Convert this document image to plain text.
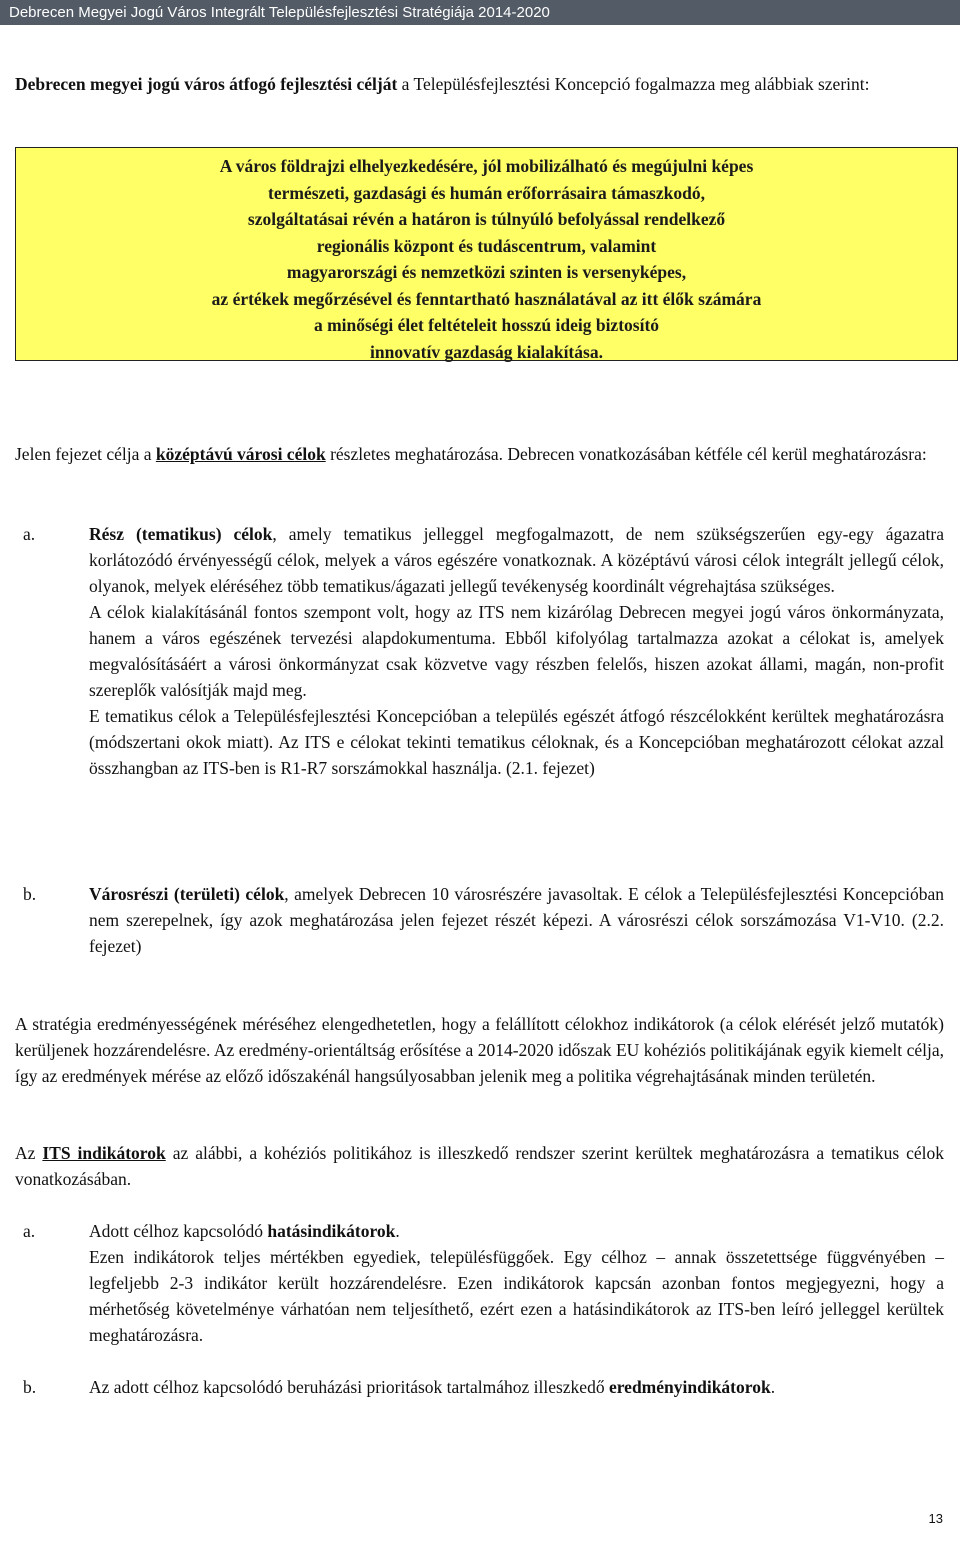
Debrecen Megyei Jogú Város Integrált Településfejlesztési Stratégiája 2014-2020

Debrecen megyei jogú város átfogó fejlesztési célját a Településfejlesztési Koncepció fogalmazza meg alábbiak szerint:

A város földrajzi elhelyezkedésére, jól mobilizálható és megújulni képes
természeti, gazdasági és humán erőforrásaira támaszkodó,
szolgáltatásai révén a határon is túlnyúló befolyással rendelkező
regionális központ és tudáscentrum, valamint
magyarországi és nemzetközi szinten is versenyképes,
az értékek megőrzésével és fenntartható használatával az itt élők számára
a minőségi élet feltételeit hosszú ideig biztosító
innovatív gazdaság kialakítása.

Jelen fejezet célja a középtávú városi célok részletes meghatározása. Debrecen vonatkozásában kétféle cél kerül meghatározásra:

a.	Rész (tematikus) célok, amely tematikus jelleggel megfogalmazott, de nem szükségszerűen egy-egy ágazatra korlátozódó érvényességű célok, melyek a város egészére vonatkoznak. A középtávú városi célok integrált jellegű célok, olyanok, melyek eléréséhez több tematikus/ágazati jellegű tevékenység koordinált végrehajtása szükséges.
A célok kialakításánál fontos szempont volt, hogy az ITS nem kizárólag Debrecen megyei jogú város önkormányzata, hanem a város egészének tervezési alapdokumentuma. Ebből kifolyólag tartalmazza azokat a célokat is, amelyek megvalósításáért a városi önkormányzat csak közvetve vagy részben felelős, hiszen azokat állami, magán, non-profit szereplők valósítják majd meg.
E tematikus célok a Településfejlesztési Koncepcióban a település egészét átfogó részcélokként kerültek meghatározásra (módszertani okok miatt). Az ITS e célokat tekinti tematikus céloknak, és a Koncepcióban meghatározott célokat azzal összhangban az ITS-ben is R1-R7 sorszámokkal használja. (2.1. fejezet)
b.	Városrészi (területi) célok, amelyek Debrecen 10 városrészére javasoltak. E célok a Településfejlesztési Koncepcióban nem szerepelnek, így azok meghatározása jelen fejezet részét képezi. A városrészi célok sorszámozása V1-V10. (2.2. fejezet)

A stratégia eredményességének méréséhez elengedhetetlen, hogy a felállított célokhoz indikátorok (a célok elérését jelző mutatók) kerüljenek hozzárendelésre. Az eredmény-orientáltság erősítése a 2014-2020 időszak EU kohéziós politikájának egyik kiemelt célja, így az eredmények mérése az előző időszakénál hangsúlyosabban jelenik meg a politika végrehajtásának minden területén.

Az ITS indikátorok az alábbi, a kohéziós politikához is illeszkedő rendszer szerint kerültek meghatározásra a tematikus célok vonatkozásában.

a.	Adott célhoz kapcsolódó hatásindikátorok.
Ezen indikátorok teljes mértékben egyediek, településfüggőek. Egy célhoz – annak összetettsége függvényében – legfeljebb 2-3 indikátor került hozzárendelésre. Ezen indikátorok kapcsán azonban fontos megjegyezni, hogy a mérhetőség követelménye várhatóan nem teljesíthető, ezért ezen a hatásindikátorok az ITS-ben leíró jelleggel kerültek meghatározásra.
b.	Az adott célhoz kapcsolódó beruházási prioritások tartalmához illeszkedő eredményindikátorok.
13
